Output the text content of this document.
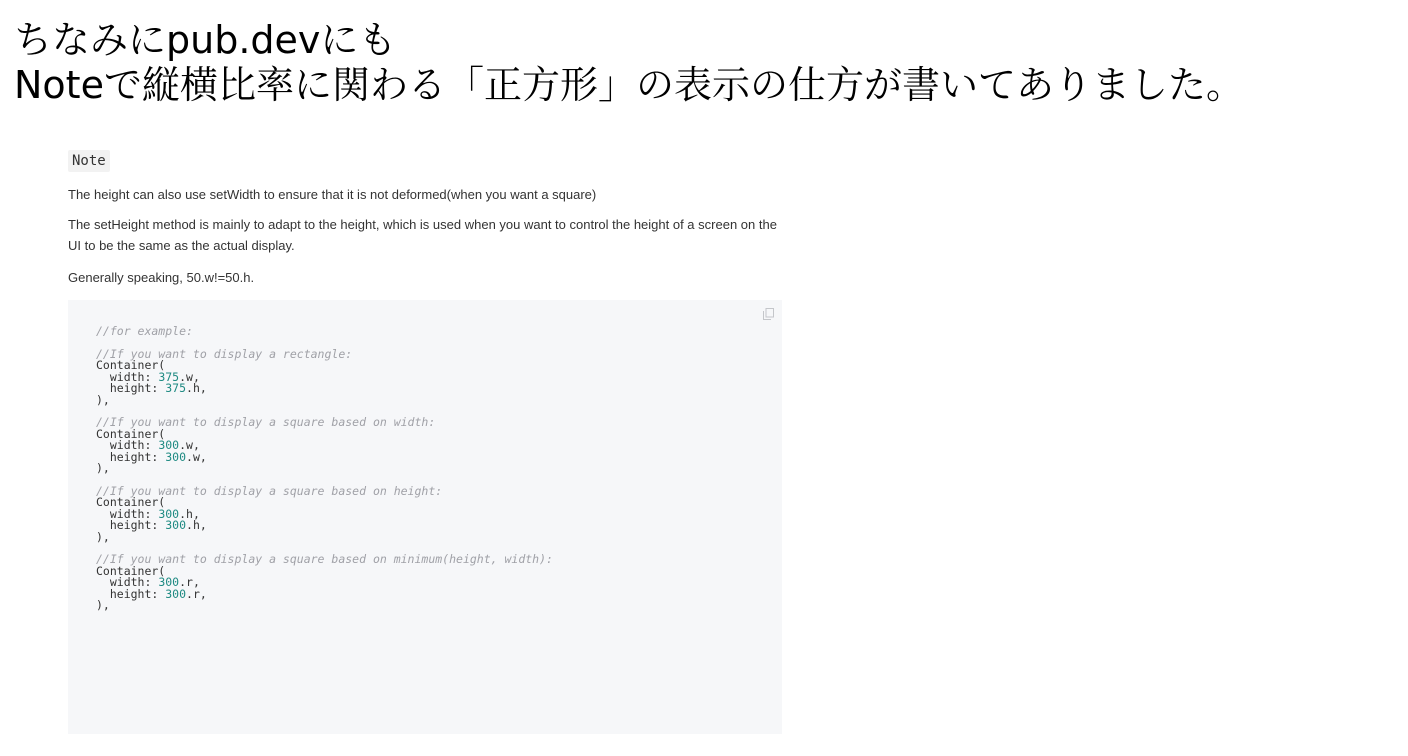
ちなみにpub.devにも
Noteで縦横比率に関わる「正方形」の表示の仕方が書いてありました。
Note

The height can also use setWidth to ensure that it is not deformed(when you want a square)

The setHeight method is mainly to adapt to the height, which is used when you want to control the height of a screen on the UI to be the same as the actual display.

Generally speaking, 50.w!=50.h.

//for example:

//If you want to display a rectangle:
Container(
width: 375.w,
height: 375.h,
),

//If you want to display a square based on width:
Container(
width: 300.w,
height: 300.w,
),

//If you want to display a square based on height:
Container(
width: 300.h,
height: 300.h,
),

//If you want to display a square based on minimum(height, width):
Container(
width: 300.r,
height: 300.r,
),
